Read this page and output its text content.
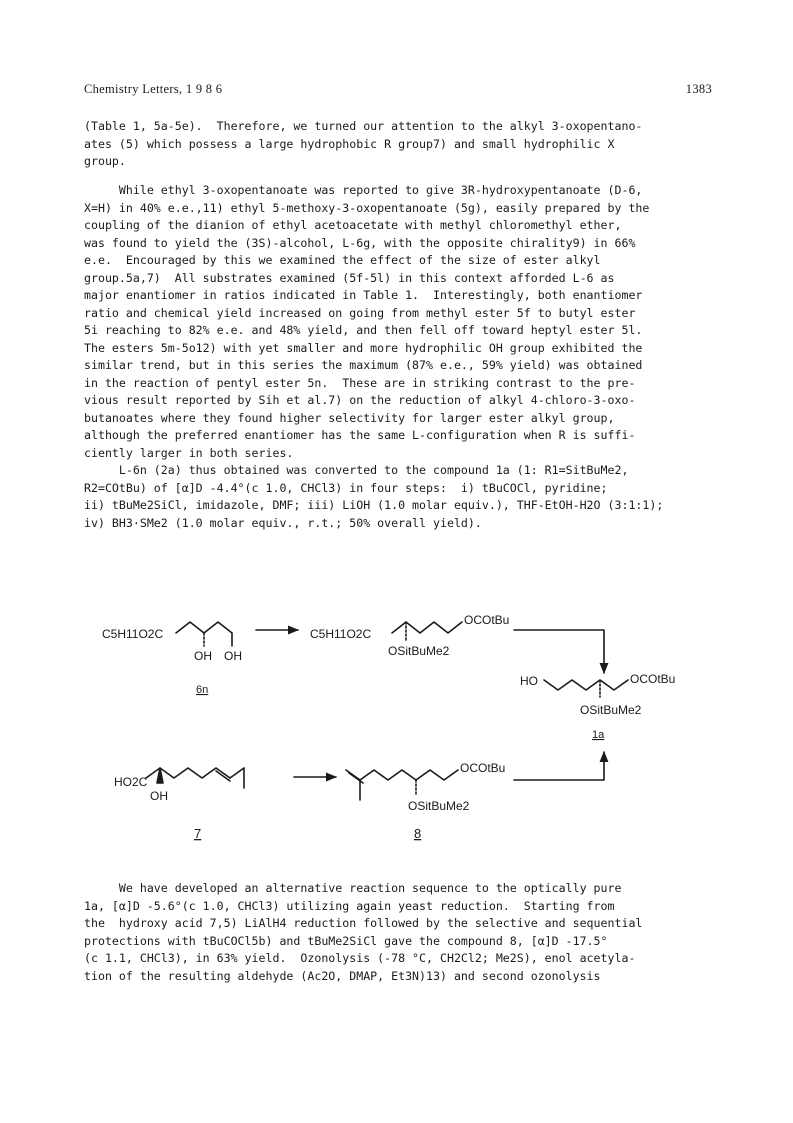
Chemistry Letters, 1 9 8 6	1383

(Table 1, 5a-5e).  Therefore, we turned our attention to the alkyl 3-oxopentano-

ates (5) which possess a large hydrophobic R group7) and small hydrophilic X

group.

While ethyl 3-oxopentanoate was reported to give 3R-hydroxypentanoate (D-6,

X=H) in 40% e.e.,11) ethyl 5-methoxy-3-oxopentanoate (5g), easily prepared by the

coupling of the dianion of ethyl acetoacetate with methyl chloromethyl ether,

was found to yield the (3S)-alcohol, L-6g, with the opposite chirality9) in 66%

e.e.  Encouraged by this we examined the effect of the size of ester alkyl

group.5a,7)  All substrates examined (5f-5l) in this context afforded L-6 as

major enantiomer in ratios indicated in Table 1.  Interestingly, both enantiomer

ratio and chemical yield increased on going from methyl ester 5f to butyl ester

5i reaching to 82% e.e. and 48% yield, and then fell off toward heptyl ester 5l.

The esters 5m-5o12) with yet smaller and more hydrophilic OH group exhibited the

similar trend, but in this series the maximum (87% e.e., 59% yield) was obtained

in the reaction of pentyl ester 5n.  These are in striking contrast to the pre-

vious result reported by Sih et al.7) on the reduction of alkyl 4-chloro-3-oxo-

butanoates where they found higher selectivity for larger ester alkyl group,

although the preferred enantiomer has the same L-configuration when R is suffi-

ciently larger in both series.

L-6n (2a) thus obtained was converted to the compound 1a (1: R1=SitBuMe2,

R2=COtBu) of [α]D -4.4°(c 1.0, CHCl3) in four steps:  i) tBuCOCl, pyridine;

ii) tBuMe2SiCl, imidazole, DMF; iii) LiOH (1.0 molar equiv.), THF-EtOH-H2O (3:1:1);

iv) BH3·SMe2 (1.0 molar equiv., r.t.; 50% overall yield).

C5H11O2C
OH OH
6n
C5H11O2C
OCOtBu
OSitBuMe2
HO	OCOtBu
OSitBuMe2
1a
HO2C
OH
7
OCOtBu
OSitBuMe2
8

We have developed an alternative reaction sequence to the optically pure

1a, [α]D -5.6°(c 1.0, CHCl3) utilizing again yeast reduction.  Starting from

the  hydroxy acid 7,5) LiAlH4 reduction followed by the selective and sequential

protections with tBuCOCl5b) and tBuMe2SiCl gave the compound 8, [α]D -17.5°

(c 1.1, CHCl3), in 63% yield.  Ozonolysis (-78 °C, CH2Cl2; Me2S), enol acetyla-

tion of the resulting aldehyde (Ac2O, DMAP, Et3N)13) and second ozonolysis
